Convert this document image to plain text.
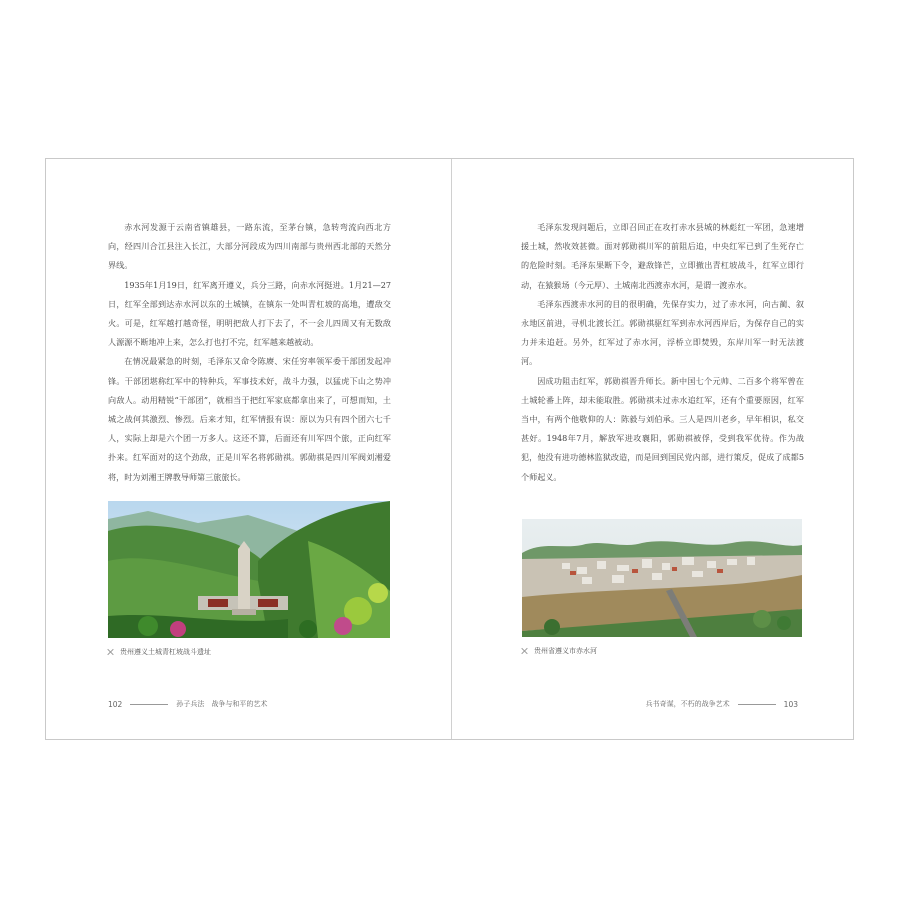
赤水河发源于云南省镇雄县，一路东流，至茅台镇，急转弯流向西北方向，经四川合江县注入长江，大部分河段成为四川南部与贵州西北部的天然分界线。

1935年1月19日，红军离开遵义，兵分三路，向赤水河挺进。1月21—27日，红军全部到达赤水河以东的土城镇，在镇东一处叫青杠坡的高地，遭敌交火。可是，红军越打越奇怪，明明把敌人打下去了，不一会儿四周又有无数敌人源源不断地冲上来，怎么打也打不完，红军越来越被动。

在情况最紧急的时刻，毛泽东又命令陈赓、宋任穷率领军委干部团发起冲锋。干部团堪称红军中的特种兵，军事技术好，战斗力强，以猛虎下山之势冲向敌人。动用精锐“干部团”，就相当于把红军家底都拿出来了，可想而知，土城之战何其激烈、惨烈。后来才知，红军情报有误：原以为只有四个团六七千人，实际上却是六个团一万多人。这还不算，后面还有川军四个旅，正向红军扑来。红军面对的这个劲敌，正是川军名将郭勋祺。郭勋祺是四川军阀刘湘爱将，时为刘湘王牌教导师第三旅旅长。

贵州遵义土城青杠坡战斗遗址
102	孙子兵法　战争与和平的艺术

毛泽东发现问题后，立即召回正在攻打赤水县城的林彪红一军团，急速增援土城，然收效甚微。面对郭勋祺川军的前阻后追，中央红军已到了生死存亡的危险时刻。毛泽东果断下令，避敌锋芒，立即撤出青杠坡战斗，红军立即行动，在猿猴场（今元厚）、土城南北西渡赤水河，是谓一渡赤水。

毛泽东西渡赤水河的目的很明确，先保存实力，过了赤水河，向古蔺、叙永地区前进，寻机北渡长江。郭勋祺驱红军到赤水河西岸后，为保存自己的实力并未追赶。另外，红军过了赤水河，浮桥立即焚毁，东岸川军一时无法渡河。

因成功阻击红军，郭勋祺晋升师长。新中国七个元帅、二百多个将军曾在土城轮番上阵，却未能取胜。郭勋祺未过赤水追红军，还有个重要原因，红军当中，有两个他敬仰的人：陈毅与刘伯承。三人是四川老乡，早年相识，私交甚好。1948年7月，解放军进攻襄阳，郭勋祺被俘，受到我军优待。作为战犯，他没有进功德林监狱改造，而是回到国民党内部，进行策反，促成了成都5个师起义。

贵州省遵义市赤水河
兵书奇谋，不朽的战争艺术	103
